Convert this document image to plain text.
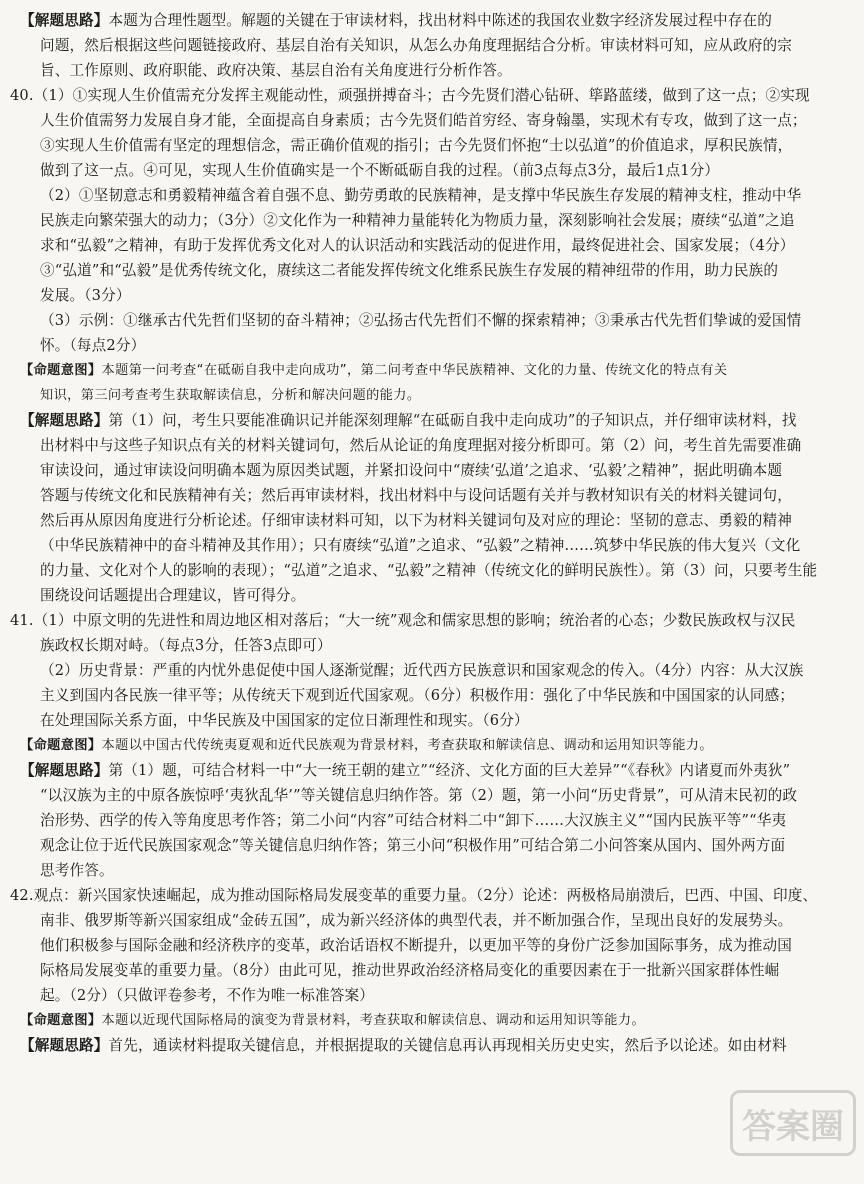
【解题思路】本题为合理性题型。解题的关键在于审读材料，找出材料中陈述的我国农业数字经济发展过程中存在的
问题，然后根据这些问题链接政府、基层自治有关知识，从怎么办角度理据结合分析。审读材料可知，应从政府的宗
旨、工作原则、政府职能、政府决策、基层自治有关角度进行分析作答。
40.（1）①实现人生价值需充分发挥主观能动性，顽强拼搏奋斗；古今先贤们潜心钻研、筚路蓝缕，做到了这一点；②实现
人生价值需努力发展自身才能，全面提高自身素质；古今先贤们皓首穷经、寄身翰墨，实现术有专攻，做到了这一点；
③实现人生价值需有坚定的理想信念，需正确价值观的指引；古今先贤们怀抱“士以弘道”的价值追求，厚积民族情，
做到了这一点。④可见，实现人生价值确实是一个不断砥砺自我的过程。（前3点每点3分，最后1点1分）
（2）①坚韧意志和勇毅精神蕴含着自强不息、勤劳勇敢的民族精神，是支撑中华民族生存发展的精神支柱，推动中华
民族走向繁荣强大的动力；（3分）②文化作为一种精神力量能转化为物质力量，深刻影响社会发展；赓续“弘道”之追
求和“弘毅”之精神，有助于发挥优秀文化对人的认识活动和实践活动的促进作用，最终促进社会、国家发展；（4分）
③“弘道”和“弘毅”是优秀传统文化，赓续这二者能发挥传统文化维系民族生存发展的精神纽带的作用，助力民族的
发展。（3分）
（3）示例：①继承古代先哲们坚韧的奋斗精神；②弘扬古代先哲们不懈的探索精神；③秉承古代先哲们挚诚的爱国情
怀。（每点2分）
【命题意图】本题第一问考查“在砥砺自我中走向成功”，第二问考查中华民族精神、文化的力量、传统文化的特点有关
知识，第三问考查考生获取解读信息，分析和解决问题的能力。
【解题思路】第（1）问，考生只要能准确识记并能深刻理解“在砥砺自我中走向成功”的子知识点，并仔细审读材料，找
出材料中与这些子知识点有关的材料关键词句，然后从论证的角度理据对接分析即可。第（2）问，考生首先需要准确
审读设问，通过审读设问明确本题为原因类试题，并紧扣设问中“赓续‘弘道’之追求、‘弘毅’之精神”，据此明确本题
答题与传统文化和民族精神有关；然后再审读材料，找出材料中与设问话题有关并与教材知识有关的材料关键词句，
然后再从原因角度进行分析论述。仔细审读材料可知，以下为材料关键词句及对应的理论：坚韧的意志、勇毅的精神
（中华民族精神中的奋斗精神及其作用）；只有赓续“弘道”之追求、“弘毅”之精神……筑梦中华民族的伟大复兴（文化
的力量、文化对个人的影响的表现）；“弘道”之追求、“弘毅”之精神（传统文化的鲜明民族性）。第（3）问，只要考生能
围绕设问话题提出合理建议，皆可得分。
41.（1）中原文明的先进性和周边地区相对落后；“大一统”观念和儒家思想的影响；统治者的心态；少数民族政权与汉民
族政权长期对峙。（每点3分，任答3点即可）
（2）历史背景：严重的内忧外患促使中国人逐渐觉醒；近代西方民族意识和国家观念的传入。（4分）内容：从大汉族
主义到国内各民族一律平等；从传统天下观到近代国家观。（6分）积极作用：强化了中华民族和中国国家的认同感；
在处理国际关系方面，中华民族及中国国家的定位日渐理性和现实。（6分）
【命题意图】本题以中国古代传统夷夏观和近代民族观为背景材料，考查获取和解读信息、调动和运用知识等能力。
【解题思路】第（1）题，可结合材料一中“大一统王朝的建立”“经济、文化方面的巨大差异”“《春秋》内诸夏而外夷狄”
“以汉族为主的中原各族惊呼‘夷狄乱华’”等关键信息归纳作答。第（2）题，第一小问“历史背景”，可从清末民初的政
治形势、西学的传入等角度思考作答；第二小问“内容”可结合材料二中“卸下……大汉族主义”“国内民族平等”“华夷
观念让位于近代民族国家观念”等关键信息归纳作答；第三小问“积极作用”可结合第二小问答案从国内、国外两方面
思考作答。
42.观点：新兴国家快速崛起，成为推动国际格局发展变革的重要力量。（2分）论述：两极格局崩溃后，巴西、中国、印度、
南非、俄罗斯等新兴国家组成“金砖五国”，成为新兴经济体的典型代表，并不断加强合作，呈现出良好的发展势头。
他们积极参与国际金融和经济秩序的变革，政治话语权不断提升，以更加平等的身份广泛参加国际事务，成为推动国
际格局发展变革的重要力量。（8分）由此可见，推动世界政治经济格局变化的重要因素在于一批新兴国家群体性崛
起。（2分）（只做评卷参考，不作为唯一标准答案）
【命题意图】本题以近现代国际格局的演变为背景材料，考查获取和解读信息、调动和运用知识等能力。
【解题思路】首先，通读材料提取关键信息，并根据提取的关键信息再认再现相关历史史实，然后予以论述。如由材料
答案圈
